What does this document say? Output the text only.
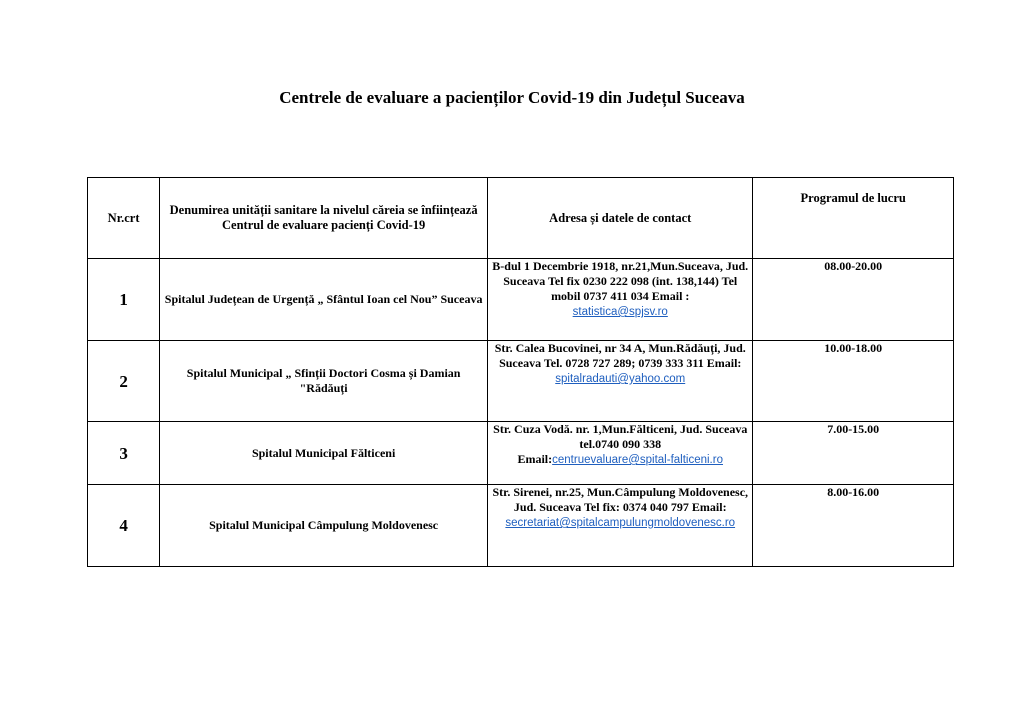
Centrele de evaluare a pacienților Covid-19 din Județul Suceava
Nr.crt	Denumirea unității sanitare la nivelul căreia se înființează Centrul de evaluare pacienți Covid-19	Adresa și datele de contact	Programul de lucru
1	Spitalul Județean de Urgență „ Sfântul Ioan cel Nou” Suceava	B-dul 1 Decembrie 1918, nr.21,Mun.Suceava, Jud. Suceava Tel fix 0230 222 098 (int. 138,144) Tel mobil 0737 411 034 Email :
statistica@spjsv.ro	08.00-20.00
2	Spitalul Municipal „ Sfinții Doctori Cosma și Damian "Rădăuți	Str. Calea Bucovinei, nr 34 A, Mun.Rădăuți, Jud. Suceava Tel. 0728 727 289; 0739 333 311 Email:
spitalradauti@yahoo.com	10.00-18.00
3	Spitalul Municipal Fălticeni	Str. Cuza Vodă. nr. 1,Mun.Fălticeni, Jud. Suceava tel.0740 090 338
Email:centruevaluare@spital-falticeni.ro	7.00-15.00
4	Spitalul Municipal Câmpulung Moldovenesc	Str. Sirenei, nr.25, Mun.Câmpulung Moldovenesc, Jud. Suceava Tel fix: 0374 040 797 Email:
secretariat@spitalcampulungmoldovenesc.ro	8.00-16.00
